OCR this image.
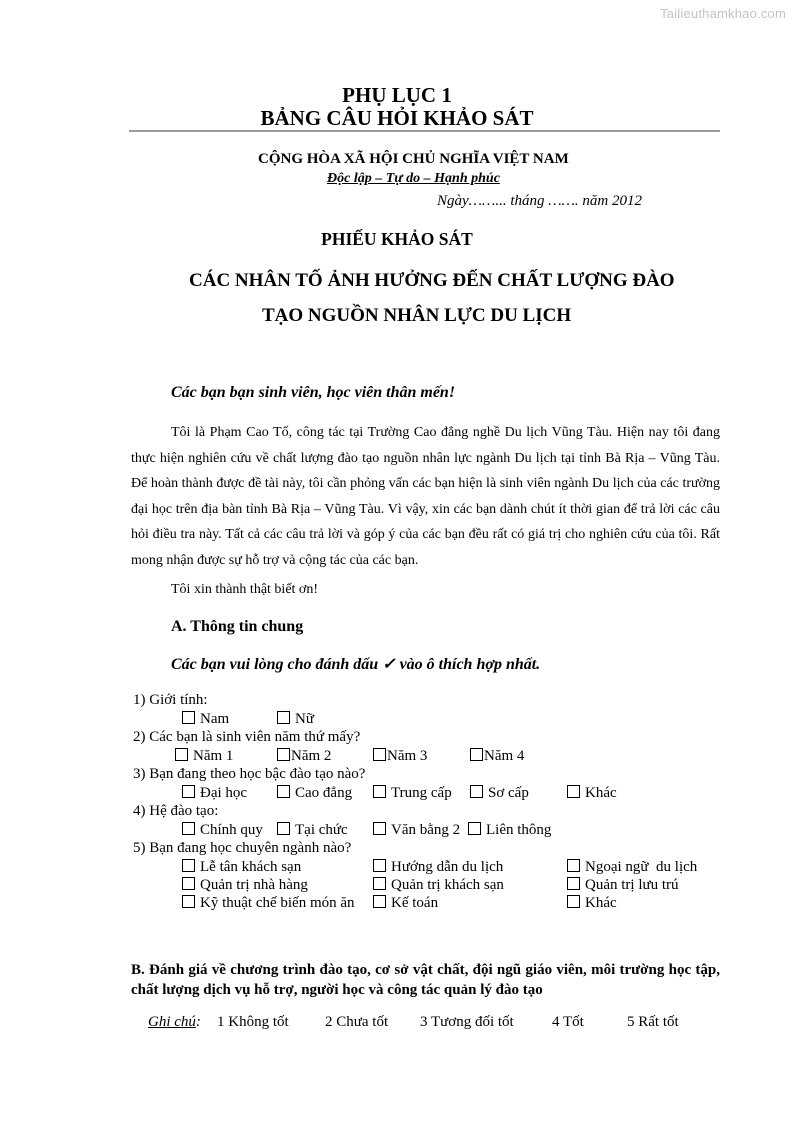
Tailieuthamkhao.com
PHỤ LỤC 1
BẢNG CÂU HỎI KHẢO SÁT
CỘNG HÒA XÃ HỘI CHỦ NGHĨA VIỆT NAM
Độc lập – Tự do – Hạnh phúc
Ngày……... tháng ……. năm 2012
PHIẾU KHẢO SÁT
CÁC NHÂN TỐ ẢNH HƯỞNG ĐẾN CHẤT LƯỢNG ĐÀO
TẠO NGUỒN NHÂN LỰC DU LỊCH
Các bạn bạn sinh viên, học viên thân mến!
Tôi là Phạm Cao Tố, công tác tại Trường Cao đẳng nghề Du lịch Vũng Tàu. Hiện nay tôi đang thực hiện nghiên cứu về chất lượng đào tạo nguồn nhân lực ngành Du lịch tại tỉnh Bà Rịa – Vũng Tàu. Để hoàn thành được đề tài này, tôi cần phỏng vấn các bạn hiện là sinh viên ngành Du lịch của các trường đại học trên địa bàn tỉnh Bà Rịa – Vũng Tàu. Vì vậy, xin các bạn dành chút ít thời gian để trả lời các câu hỏi điều tra này. Tất cả các câu trả lời và góp ý của các bạn đều rất có giá trị cho nghiên cứu của tôi. Rất mong nhận được sự hỗ trợ và cộng tác của các bạn.
Tôi xin thành thật biết ơn!
A. Thông tin chung
Các bạn vui lòng cho đánh dấu ✓ vào ô thích hợp nhất.
1) Giới tính:
Nam	Nữ
2) Các bạn là sinh viên năm thứ mấy?
Năm 1	Năm 2	Năm 3	Năm 4
3) Bạn đang theo học bậc đào tạo nào?
Đại học	Cao đẳng	Trung cấp	Sơ cấp	Khác
4) Hệ đào tạo:
Chính quy	Tại chức	Văn bằng 2	Liên thông
5) Bạn đang học chuyên ngành nào?
Lễ tân khách sạn	Hướng dẫn du lịch	Ngoại ngữ  du lịch
Quản trị nhà hàng	Quản trị khách sạn	Quản trị lưu trú
Kỹ thuật chế biến món ăn	Kế toán	Khác
B. Đánh giá về chương trình đào tạo, cơ sở vật chất, đội ngũ giáo viên, môi trường học tập, chất lượng dịch vụ hỗ trợ, người học và công tác quản lý đào tạo
Ghi chú: 1 Không tốt 2 Chưa tốt 3 Tương đối tốt	4 Tốt	5 Rất tốt
